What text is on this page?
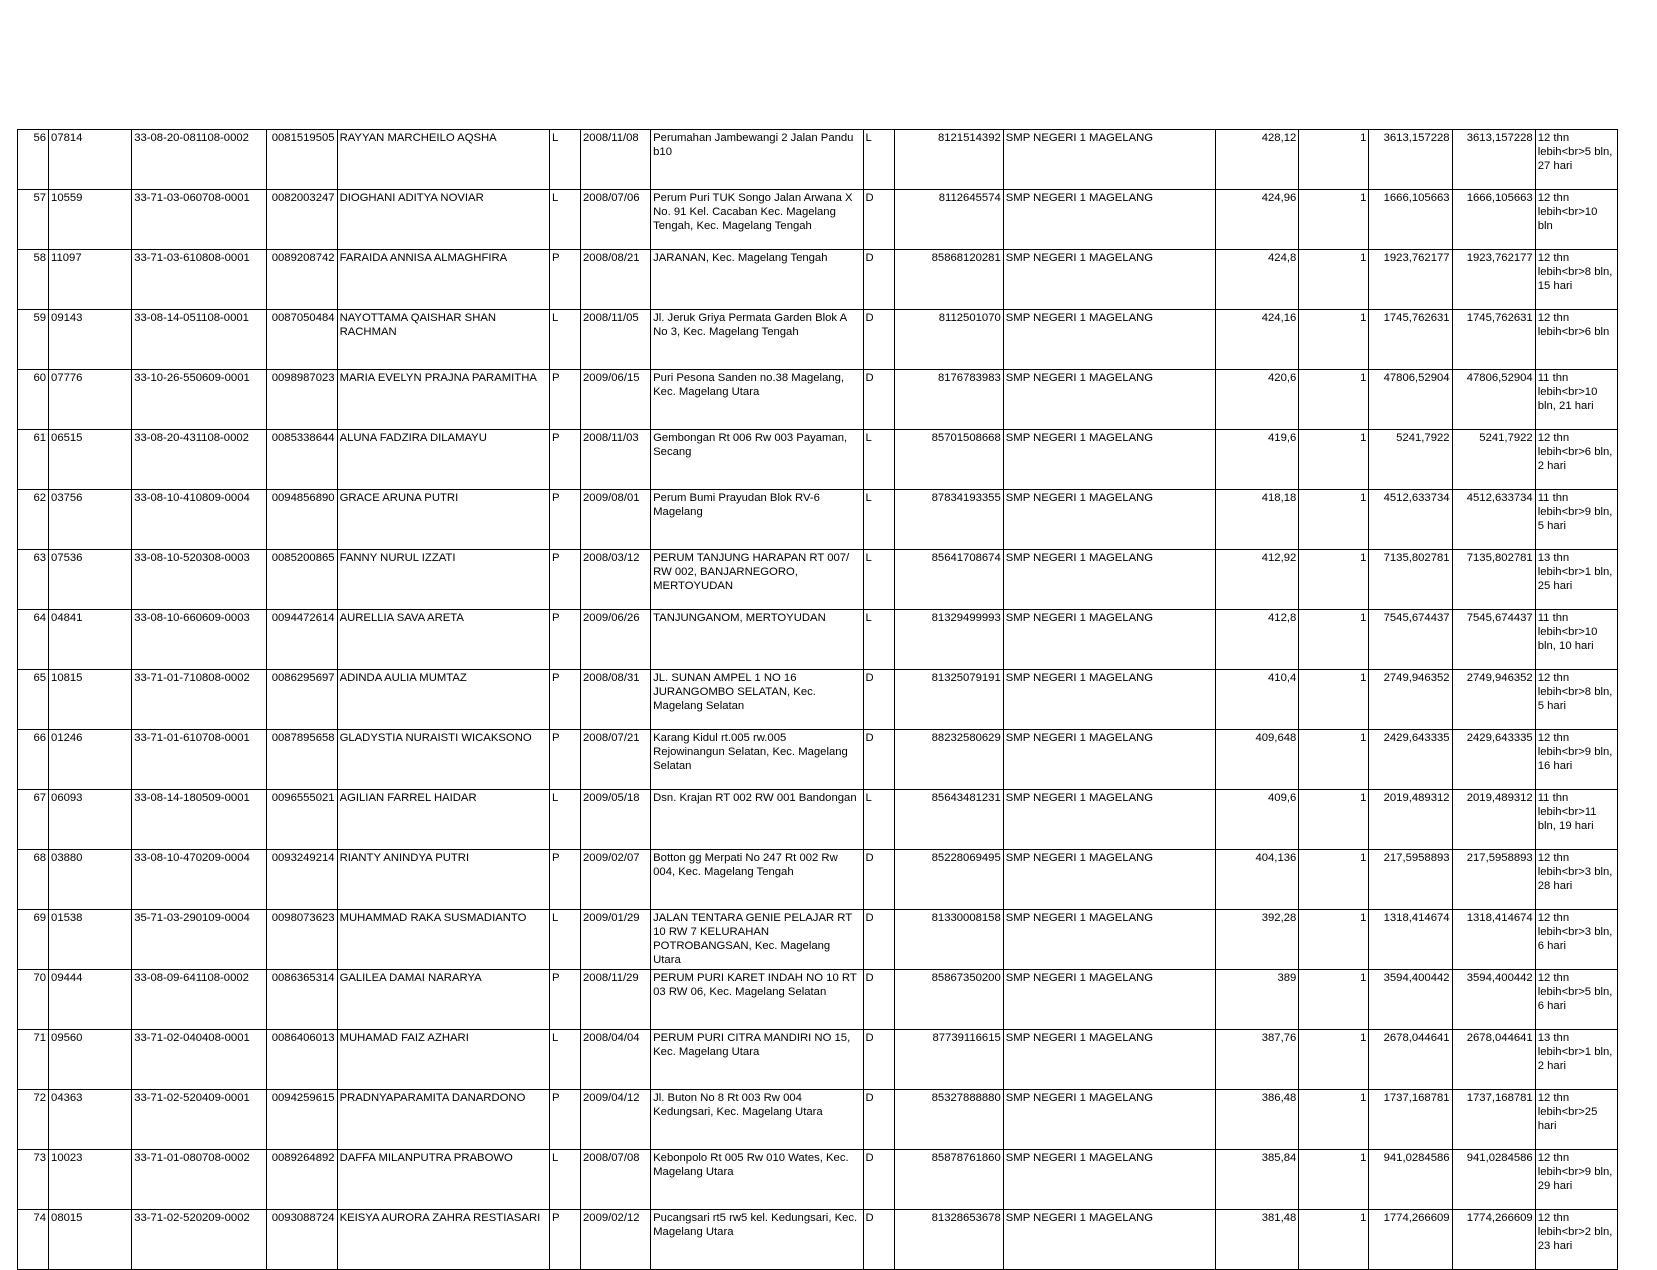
56	07814	33-08-20-081108-0002	0081519505	RAYYAN MARCHEILO AQSHA	L	2008/11/08	Perumahan Jambewangi 2 Jalan Pandu b10	L	8121514392	SMP NEGERI 1 MAGELANG	428,12	1	3613,157228	3613,157228	12 thn lebih<br>5 bln, 27 hari
57	10559	33-71-03-060708-0001	0082003247	DIOGHANI ADITYA NOVIAR	L	2008/07/06	Perum Puri TUK Songo Jalan Arwana X No. 91 Kel. Cacaban Kec. Magelang Tengah, Kec. Magelang Tengah	D	8112645574	SMP NEGERI 1 MAGELANG	424,96	1	1666,105663	1666,105663	12 thn lebih<br>10 bln
58	11097	33-71-03-610808-0001	0089208742	FARAIDA ANNISA ALMAGHFIRA	P	2008/08/21	JARANAN, Kec. Magelang Tengah	D	85868120281	SMP NEGERI 1 MAGELANG	424,8	1	1923,762177	1923,762177	12 thn lebih<br>8 bln, 15 hari
59	09143	33-08-14-051108-0001	0087050484	NAYOTTAMA QAISHAR SHAN RACHMAN	L	2008/11/05	Jl. Jeruk Griya Permata Garden Blok A No 3, Kec. Magelang Tengah	D	8112501070	SMP NEGERI 1 MAGELANG	424,16	1	1745,762631	1745,762631	12 thn lebih<br>6 bln
60	07776	33-10-26-550609-0001	0098987023	MARIA EVELYN PRAJNA PARAMITHA	P	2009/06/15	Puri Pesona Sanden no.38 Magelang, Kec. Magelang Utara	D	8176783983	SMP NEGERI 1 MAGELANG	420,6	1	47806,52904	47806,52904	11 thn lebih<br>10 bln, 21 hari
61	06515	33-08-20-431108-0002	0085338644	ALUNA FADZIRA DILAMAYU	P	2008/11/03	Gembongan Rt 006 Rw 003 Payaman, Secang	L	85701508668	SMP NEGERI 1 MAGELANG	419,6	1	5241,7922	5241,7922	12 thn lebih<br>6 bln, 2 hari
62	03756	33-08-10-410809-0004	0094856890	GRACE ARUNA PUTRI	P	2009/08/01	Perum Bumi Prayudan Blok RV-6 Magelang	L	87834193355	SMP NEGERI 1 MAGELANG	418,18	1	4512,633734	4512,633734	11 thn lebih<br>9 bln, 5 hari
63	07536	33-08-10-520308-0003	0085200865	FANNY NURUL IZZATI	P	2008/03/12	PERUM TANJUNG HARAPAN RT 007/ RW 002, BANJARNEGORO, MERTOYUDAN	L	85641708674	SMP NEGERI 1 MAGELANG	412,92	1	7135,802781	7135,802781	13 thn lebih<br>1 bln, 25 hari
64	04841	33-08-10-660609-0003	0094472614	AURELLIA SAVA ARETA	P	2009/06/26	TANJUNGANOM, MERTOYUDAN	L	81329499993	SMP NEGERI 1 MAGELANG	412,8	1	7545,674437	7545,674437	11 thn lebih<br>10 bln, 10 hari
65	10815	33-71-01-710808-0002	0086295697	ADINDA AULIA MUMTAZ	P	2008/08/31	JL. SUNAN AMPEL 1 NO 16 JURANGOMBO SELATAN, Kec. Magelang Selatan	D	81325079191	SMP NEGERI 1 MAGELANG	410,4	1	2749,946352	2749,946352	12 thn lebih<br>8 bln, 5 hari
66	01246	33-71-01-610708-0001	0087895658	GLADYSTIA NURAISTI WICAKSONO	P	2008/07/21	Karang Kidul rt.005 rw.005 Rejowinangun Selatan, Kec. Magelang Selatan	D	88232580629	SMP NEGERI 1 MAGELANG	409,648	1	2429,643335	2429,643335	12 thn lebih<br>9 bln, 16 hari
67	06093	33-08-14-180509-0001	0096555021	AGILIAN FARREL HAIDAR	L	2009/05/18	Dsn. Krajan RT 002 RW 001 Bandongan	L	85643481231	SMP NEGERI 1 MAGELANG	409,6	1	2019,489312	2019,489312	11 thn lebih<br>11 bln, 19 hari
68	03880	33-08-10-470209-0004	0093249214	RIANTY ANINDYA PUTRI	P	2009/02/07	Botton gg Merpati No 247 Rt 002 Rw 004, Kec. Magelang Tengah	D	85228069495	SMP NEGERI 1 MAGELANG	404,136	1	217,5958893	217,5958893	12 thn lebih<br>3 bln, 28 hari
69	01538	35-71-03-290109-0004	0098073623	MUHAMMAD RAKA SUSMADIANTO	L	2009/01/29	JALAN TENTARA GENIE PELAJAR RT 10 RW 7 KELURAHAN POTROBANGSAN, Kec. Magelang Utara	D	81330008158	SMP NEGERI 1 MAGELANG	392,28	1	1318,414674	1318,414674	12 thn lebih<br>3 bln, 6 hari
70	09444	33-08-09-641108-0002	0086365314	GALILEA DAMAI NARARYA	P	2008/11/29	PERUM PURI KARET INDAH NO 10 RT 03 RW 06, Kec. Magelang Selatan	D	85867350200	SMP NEGERI 1 MAGELANG	389	1	3594,400442	3594,400442	12 thn lebih<br>5 bln, 6 hari
71	09560	33-71-02-040408-0001	0086406013	MUHAMAD FAIZ AZHARI	L	2008/04/04	PERUM PURI CITRA MANDIRI NO 15, Kec. Magelang Utara	D	87739116615	SMP NEGERI 1 MAGELANG	387,76	1	2678,044641	2678,044641	13 thn lebih<br>1 bln, 2 hari
72	04363	33-71-02-520409-0001	0094259615	PRADNYAPARAMITA DANARDONO	P	2009/04/12	Jl. Buton No 8 Rt 003 Rw 004 Kedungsari, Kec. Magelang Utara	D	85327888880	SMP NEGERI 1 MAGELANG	386,48	1	1737,168781	1737,168781	12 thn lebih<br>25 hari
73	10023	33-71-01-080708-0002	0089264892	DAFFA MILANPUTRA PRABOWO	L	2008/07/08	Kebonpolo Rt 005 Rw 010 Wates, Kec. Magelang Utara	D	85878761860	SMP NEGERI 1 MAGELANG	385,84	1	941,0284586	941,0284586	12 thn lebih<br>9 bln, 29 hari
74	08015	33-71-02-520209-0002	0093088724	KEISYA AURORA ZAHRA RESTIASARI	P	2009/02/12	Pucangsari rt5 rw5 kel. Kedungsari, Kec. Magelang Utara	D	81328653678	SMP NEGERI 1 MAGELANG	381,48	1	1774,266609	1774,266609	12 thn lebih<br>2 bln, 23 hari
